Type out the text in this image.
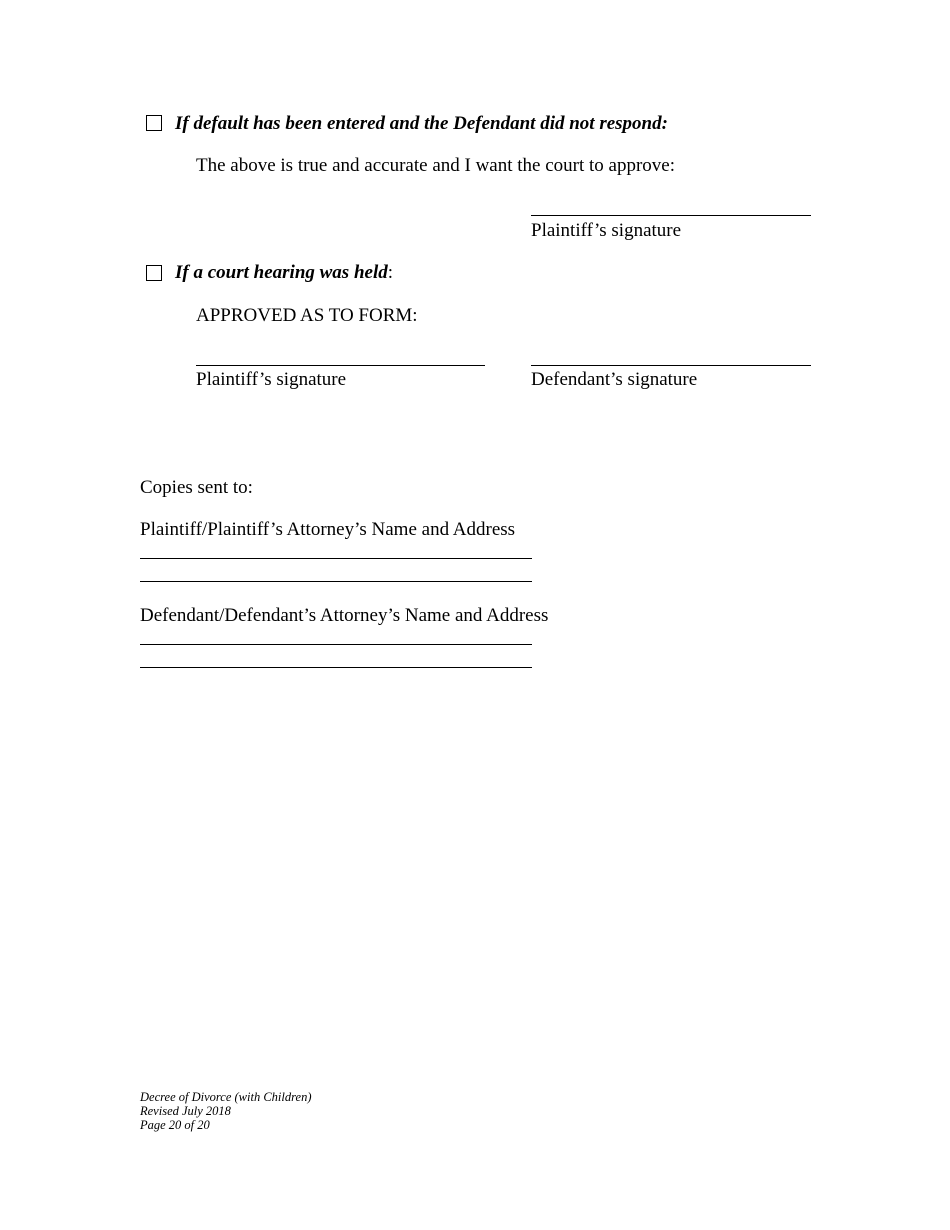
If default has been entered and the Defendant did not respond:
The above is true and accurate and I want the court to approve:
Plaintiff’s signature
If a court hearing was held:
APPROVED AS TO FORM:
Plaintiff’s signature	Defendant’s signature
Copies sent to:
Plaintiff/Plaintiff’s Attorney’s Name and Address
Defendant/Defendant’s Attorney’s Name and Address
Decree of Divorce (with Children)
Revised July 2018
Page 20 of 20
